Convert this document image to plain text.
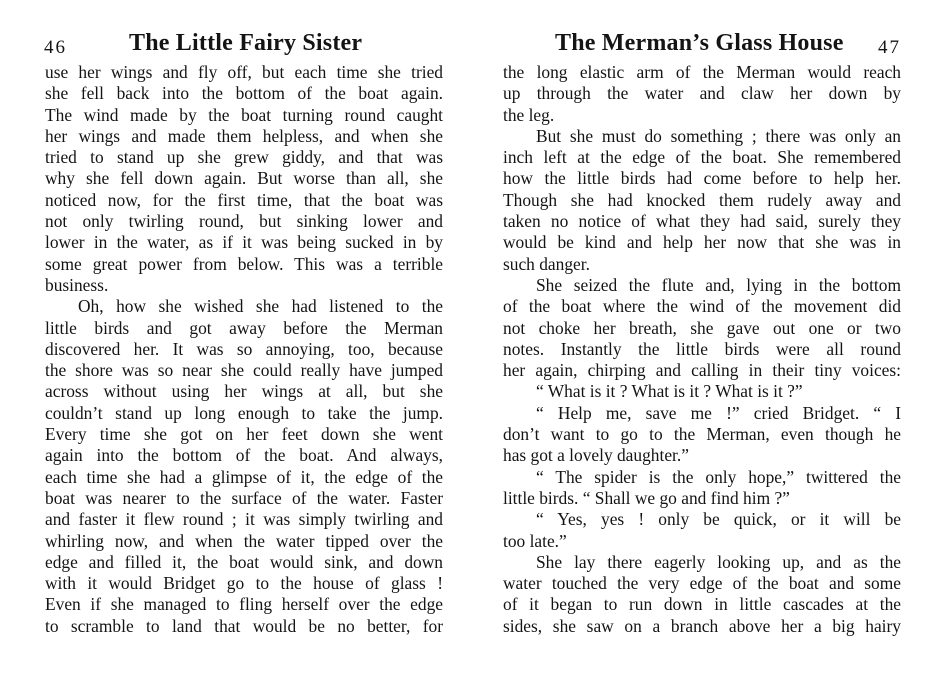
46	The Little Fairy Sister
use her wings and fly off, but each time she tried
she fell back into the bottom of the boat again.
The wind made by the boat turning round caught
her wings and made them helpless, and when she
tried to stand up she grew giddy, and that was
why she fell down again. But worse than all, she
noticed now, for the first time, that the boat was
not only twirling round, but sinking lower and
lower in the water, as if it was being sucked in by
some great power from below. This was a terrible
business.
Oh, how she wished she had listened to the
little birds and got away before the Merman
discovered her. It was so annoying, too, because
the shore was so near she could really have jumped
across without using her wings at all, but she
couldn’t stand up long enough to take the jump.
Every time she got on her feet down she went
again into the bottom of the boat. And always,
each time she had a glimpse of it, the edge of the
boat was nearer to the surface of the water. Faster
and faster it flew round ; it was simply twirling and
whirling now, and when the water tipped over the
edge and filled it, the boat would sink, and down
with it would Bridget go to the house of glass !
Even if she managed to fling herself over the edge
to scramble to land that would be no better, for
The Merman’s Glass House 47
the long elastic arm of the Merman would reach
up through the water and claw her down by
the leg.
But she must do something ; there was only an
inch left at the edge of the boat. She remembered
how the little birds had come before to help her.
Though she had knocked them rudely away and
taken no notice of what they had said, surely they
would be kind and help her now that she was in
such danger.
She seized the flute and, lying in the bottom
of the boat where the wind of the movement did
not choke her breath, she gave out one or two
notes. Instantly the little birds were all round
her again, chirping and calling in their tiny voices:
“ What is it ? What is it ? What is it ?”
“ Help me, save me !” cried Bridget. “ I
don’t want to go to the Merman, even though he
has got a lovely daughter.”
“ The spider is the only hope,” twittered the
little birds. “ Shall we go and find him ?”
“ Yes, yes ! only be quick, or it will be
too late.”
She lay there eagerly looking up, and as the
water touched the very edge of the boat and some
of it began to run down in little cascades at the
sides, she saw on a branch above her a big hairy
